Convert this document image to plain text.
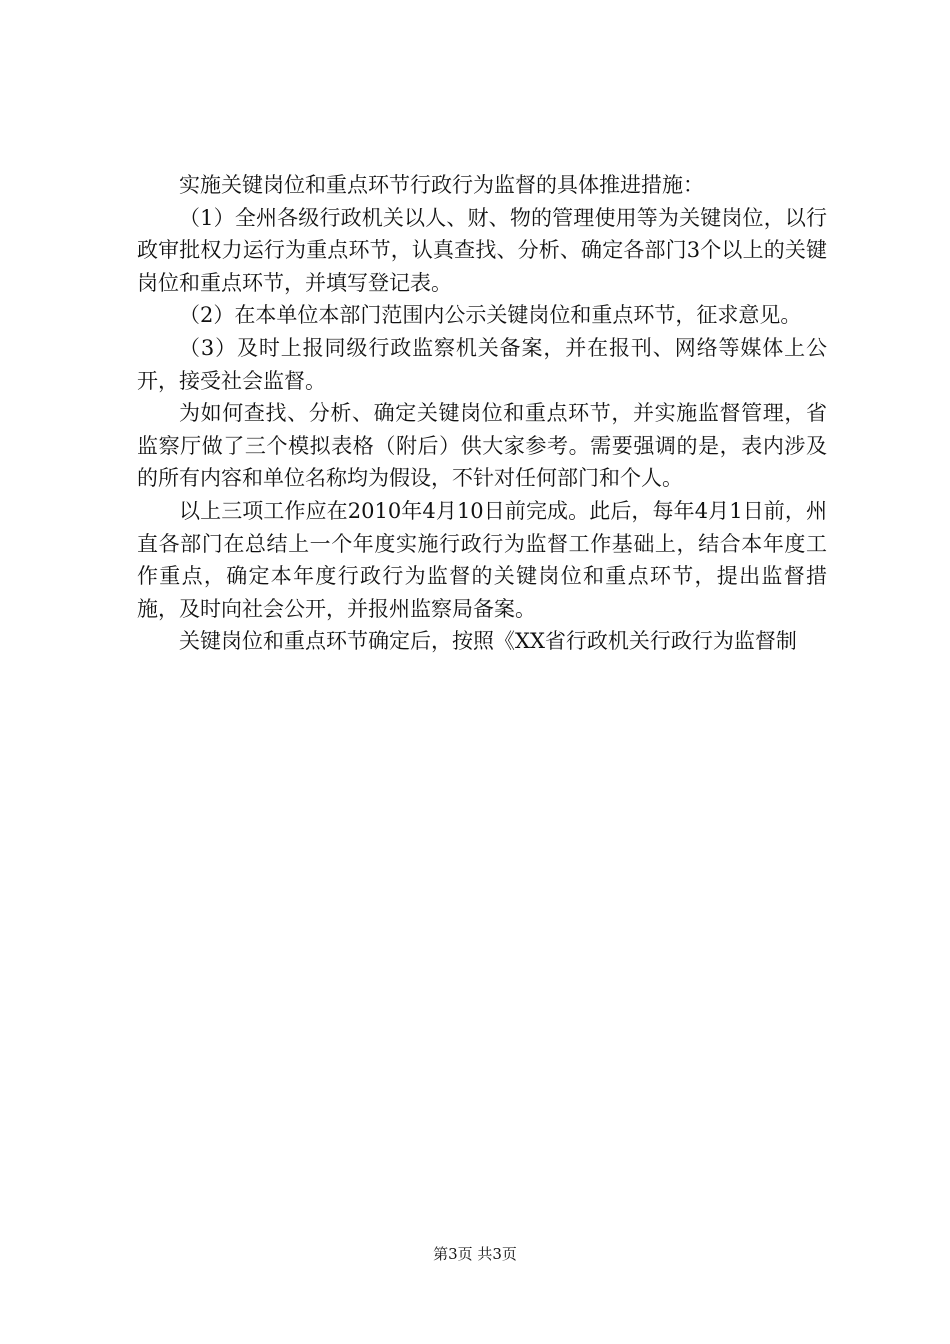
实施关键岗位和重点环节行政行为监督的具体推进措施：

（1）全州各级行政机关以人、财、物的管理使用等为关键岗位，以行政审批权力运行为重点环节，认真查找、分析、确定各部门3个以上的关键岗位和重点环节，并填写登记表。

（2）在本单位本部门范围内公示关键岗位和重点环节，征求意见。

（3）及时上报同级行政监察机关备案，并在报刊、网络等媒体上公开，接受社会监督。

为如何查找、分析、确定关键岗位和重点环节，并实施监督管理，省监察厅做了三个模拟表格（附后）供大家参考。需要强调的是，表内涉及的所有内容和单位名称均为假设，不针对任何部门和个人。

以上三项工作应在2010年4月10日前完成。此后，每年4月1日前，州直各部门在总结上一个年度实施行政行为监督工作基础上，结合本年度工作重点，确定本年度行政行为监督的关键岗位和重点环节，提出监督措施，及时向社会公开，并报州监察局备案。

关键岗位和重点环节确定后，按照《XX省行政机关行政行为监督制

第3页 共3页
